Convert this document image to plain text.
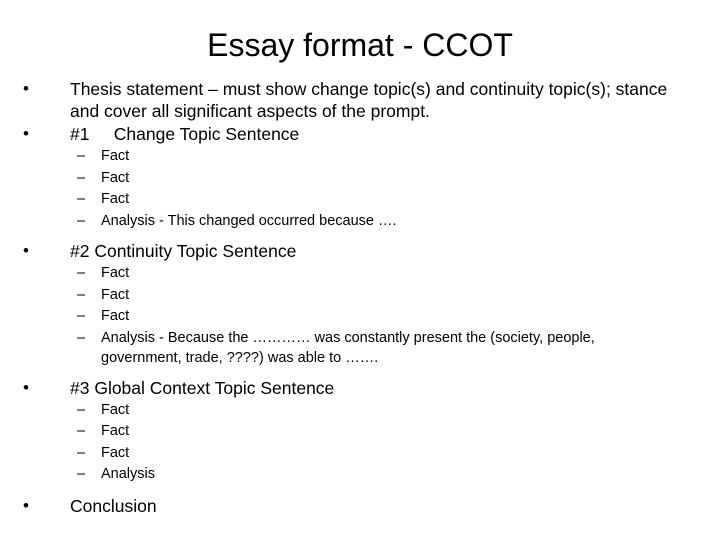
Essay format - CCOT
• Thesis statement – must show change topic(s) and continuity topic(s); stance and cover all significant aspects of the prompt.
• #1     Change Topic Sentence
– Fact
– Fact
– Fact
– Analysis - This changed occurred because ….
• #2 Continuity Topic Sentence
– Fact
– Fact
– Fact
– Analysis - Because the ………… was constantly present the (society, people, government, trade, ????) was able to …….
• #3 Global Context Topic Sentence
– Fact
– Fact
– Fact
– Analysis
• Conclusion
